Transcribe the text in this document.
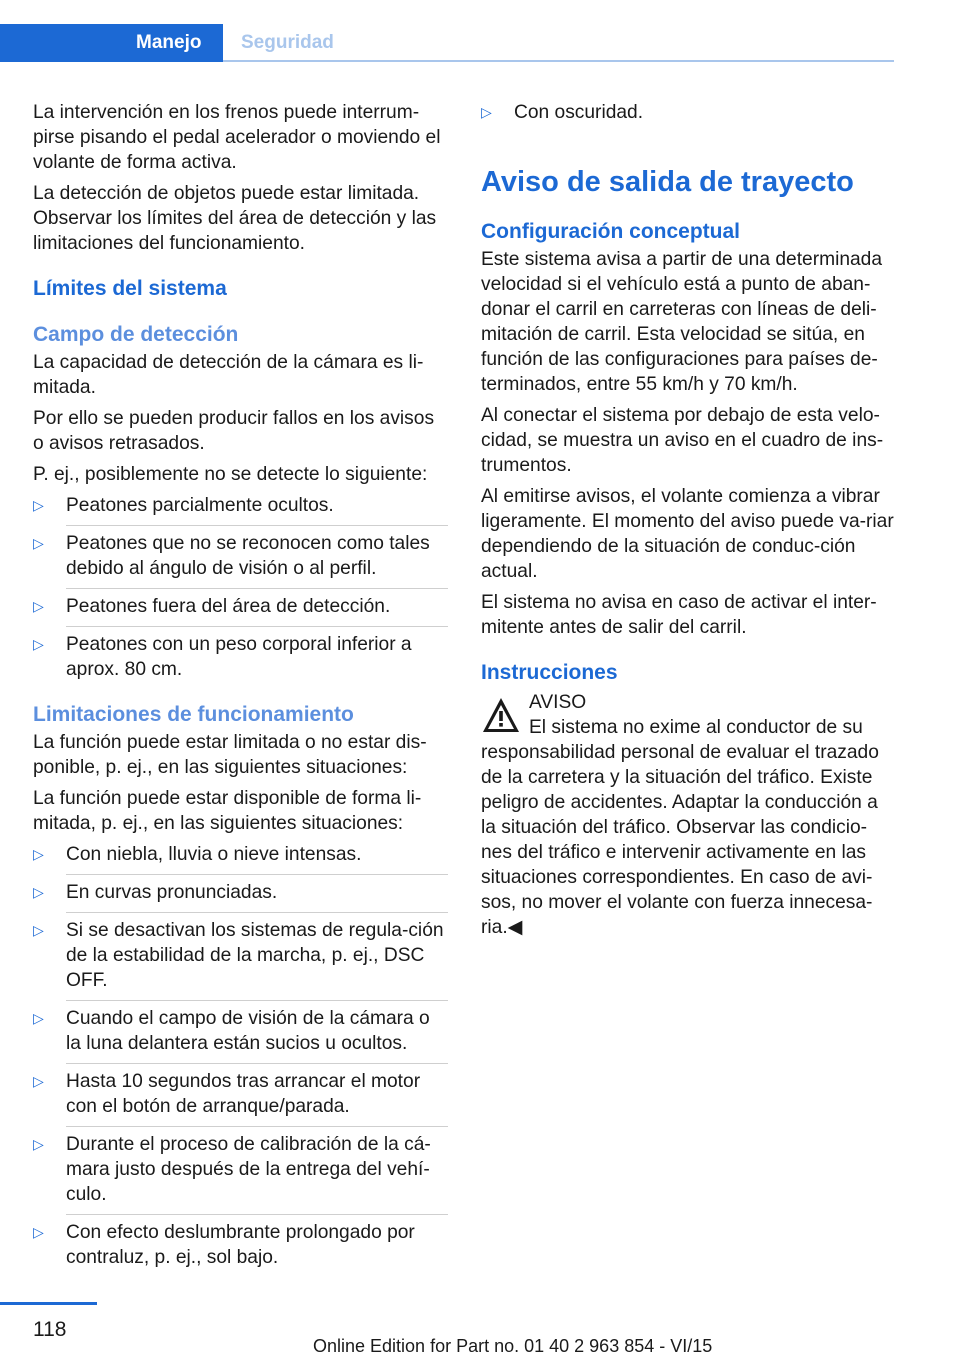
Manejo	Seguridad

La intervención en los frenos puede interrum-pirse pisando el pedal acelerador o moviendo el volante de forma activa.

La detección de objetos puede estar limitada. Observar los límites del área de detección y las limitaciones del funcionamiento.

Límites del sistema
Campo de detección

La capacidad de detección de la cámara es li-mitada.

Por ello se pueden producir fallos en los avisos o avisos retrasados.

P. ej., posiblemente no se detecte lo siguiente:

▷ Peatones parcialmente ocultos.
▷ Peatones que no se reconocen como tales debido al ángulo de visión o al perfil.
▷ Peatones fuera del área de detección.
▷ Peatones con un peso corporal inferior a aprox. 80 cm.
Limitaciones de funcionamiento

La función puede estar limitada o no estar dis-ponible, p. ej., en las siguientes situaciones:

La función puede estar disponible de forma li-mitada, p. ej., en las siguientes situaciones:

▷ Con niebla, lluvia o nieve intensas.
▷ En curvas pronunciadas.
▷ Si se desactivan los sistemas de regula-ción de la estabilidad de la marcha, p. ej., DSC OFF.
▷ Cuando el campo de visión de la cámara o la luna delantera están sucios u ocultos.
▷ Hasta 10 segundos tras arrancar el motor con el botón de arranque/parada.
▷ Durante el proceso de calibración de la cá-mara justo después de la entrega del vehí-culo.
▷ Con efecto deslumbrante prolongado por contraluz, p. ej., sol bajo.
▷ Con oscuridad.
Aviso de salida de trayecto
Configuración conceptual

Este sistema avisa a partir de una determinada velocidad si el vehículo está a punto de aban-donar el carril en carreteras con líneas de deli-mitación de carril. Esta velocidad se sitúa, en función de las configuraciones para países de-terminados, entre 55 km/h y 70 km/h.

Al conectar el sistema por debajo de esta velo-cidad, se muestra un aviso en el cuadro de ins-trumentos.

Al emitirse avisos, el volante comienza a vibrar ligeramente. El momento del aviso puede va-riar dependiendo de la situación de conduc-ción actual.

El sistema no avisa en caso de activar el inter-mitente antes de salir del carril.

Instrucciones
AVISO

El sistema no exime al conductor de su responsabilidad personal de evaluar el trazado de la carretera y la situación del tráfico. Existe peligro de accidentes. Adaptar la conducción a la situación del tráfico. Observar las condicio-nes del tráfico e intervenir activamente en las situaciones correspondientes. En caso de avi-sos, no mover el volante con fuerza innecesa-ria.◀

118
Online Edition for Part no. 01 40 2 963 854 - VI/15
